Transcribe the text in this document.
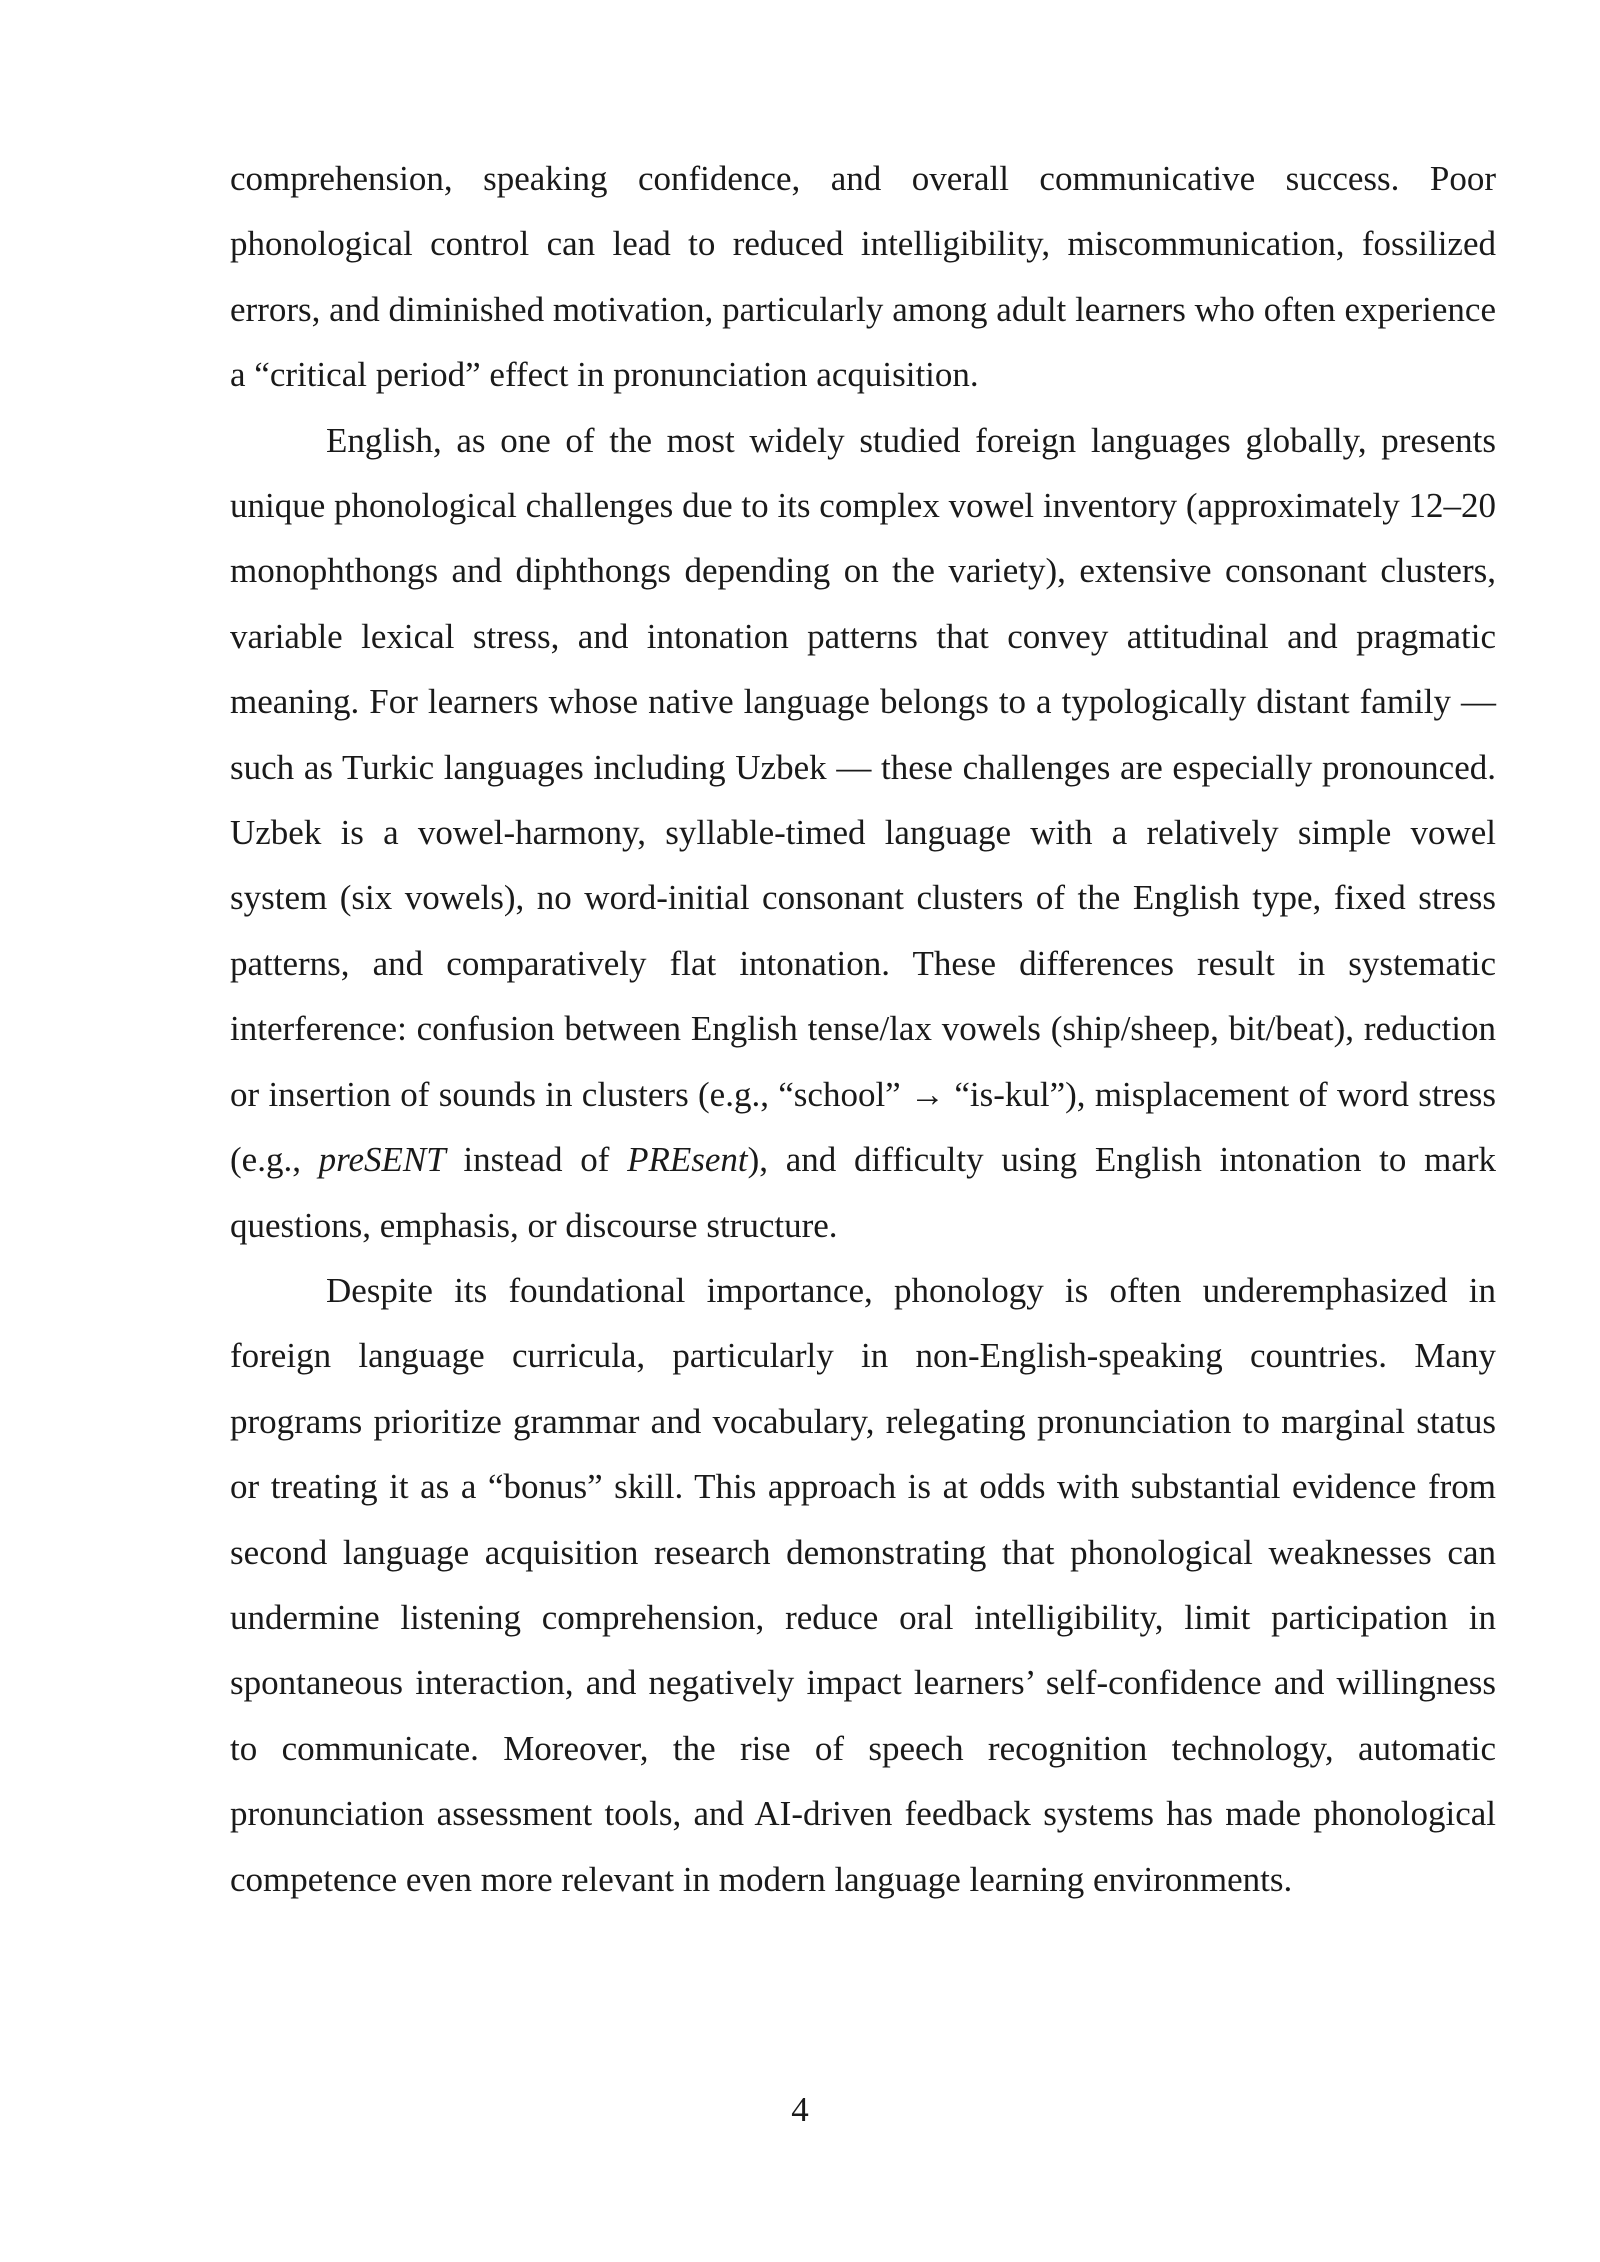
comprehension, speaking confidence, and overall communicative success. Poor phonological control can lead to reduced intelligibility, miscommunication, fossilized errors, and diminished motivation, particularly among adult learners who often experience a “critical period” effect in pronunciation acquisition.

English, as one of the most widely studied foreign languages globally, presents unique phonological challenges due to its complex vowel inventory (approximately 12–20 monophthongs and diphthongs depending on the variety), extensive consonant clusters, variable lexical stress, and intonation patterns that convey attitudinal and pragmatic meaning. For learners whose native language belongs to a typologically distant family — such as Turkic languages including Uzbek — these challenges are especially pronounced. Uzbek is a vowel-harmony, syllable-timed language with a relatively simple vowel system (six vowels), no word-initial consonant clusters of the English type, fixed stress patterns, and comparatively flat intonation. These differences result in systematic interference: confusion between English tense/lax vowels (ship/sheep, bit/beat), reduction or insertion of sounds in clusters (e.g., “school” → “is-kul”), misplacement of word stress (e.g., preSENT instead of PREsent), and difficulty using English intonation to mark questions, emphasis, or discourse structure.

Despite its foundational importance, phonology is often underemphasized in foreign language curricula, particularly in non-English-speaking countries. Many programs prioritize grammar and vocabulary, relegating pronunciation to marginal status or treating it as a “bonus” skill. This approach is at odds with substantial evidence from second language acquisition research demonstrating that phonological weaknesses can undermine listening comprehension, reduce oral intelligibility, limit participation in spontaneous interaction, and negatively impact learners’ self-confidence and willingness to communicate. Moreover, the rise of speech recognition technology, automatic pronunciation assessment tools, and AI-driven feedback systems has made phonological competence even more relevant in modern language learning environments.

4
